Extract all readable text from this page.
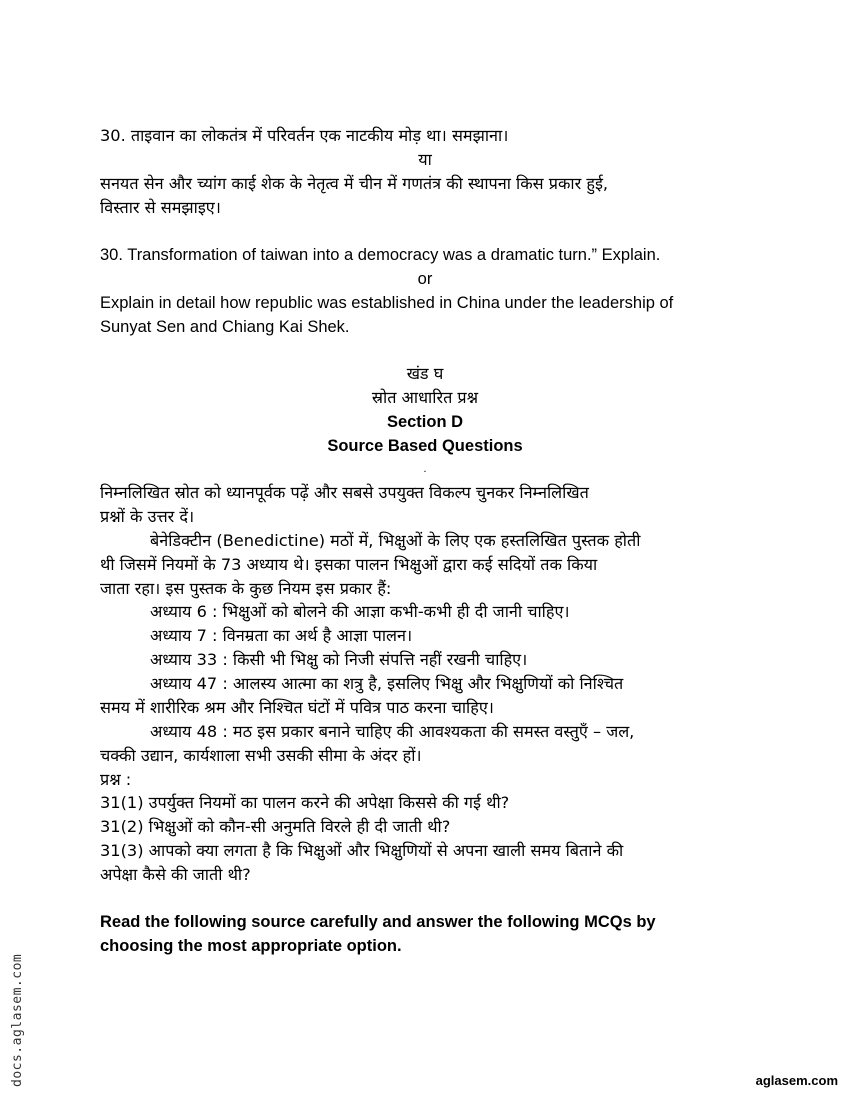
30. ताइवान का लोकतंत्र में परिवर्तन एक नाटकीय मोड़ था। समझाना।
या
सनयत सेन और च्यांग काई शेक के नेतृत्व में चीन में गणतंत्र की स्थापना किस प्रकार हुई,
विस्तार से समझाइए।
30. Transformation of taiwan into a democracy was a dramatic turn.” Explain.
or
Explain in detail how republic was established in China under the leadership of
Sunyat Sen and Chiang Kai Shek.
खंड घ
स्रोत आधारित प्रश्न
Section D
Source Based Questions
.
निम्नलिखित स्रोत को ध्यानपूर्वक पढ़ें और सबसे उपयुक्त विकल्प चुनकर निम्नलिखित
प्रश्नों के उत्तर दें।
बेनेडिक्टीन (Benedictine) मठों में, भिक्षुओं के लिए एक हस्तलिखित पुस्तक होती
थी जिसमें नियमों के 73 अध्याय थे। इसका पालन भिक्षुओं द्वारा कई सदियों तक किया
जाता रहा। इस पुस्तक के कुछ नियम इस प्रकार हैं:
अध्याय 6 : भिक्षुओं को बोलने की आज्ञा कभी-कभी ही दी जानी चाहिए।
अध्याय 7 : विनम्रता का अर्थ है आज्ञा पालन।
अध्याय 33 : किसी भी भिक्षु को निजी संपत्ति नहीं रखनी चाहिए।
अध्याय 47 : आलस्य आत्मा का शत्रु है, इसलिए भिक्षु और भिक्षुणियों को निश्चित
समय में शारीरिक श्रम और निश्चित घंटों में पवित्र पाठ करना चाहिए।
अध्याय 48 : मठ इस प्रकार बनाने चाहिए की आवश्यकता की समस्त वस्तुएँ – जल,
चक्की उद्यान, कार्यशाला सभी उसकी सीमा के अंदर हों।
प्रश्न :
31(1) उपर्युक्त नियमों का पालन करने की अपेक्षा किससे की गई थी?
31(2) भिक्षुओं को कौन-सी अनुमति विरले ही दी जाती थी?
31(3) आपको क्या लगता है कि भिक्षुओं और भिक्षुणियों से अपना खाली समय बिताने की
अपेक्षा कैसे की जाती थी?
Read the following source carefully and answer the following MCQs by
choosing the most appropriate option.
docs.aglasem.com	aglasem.com
